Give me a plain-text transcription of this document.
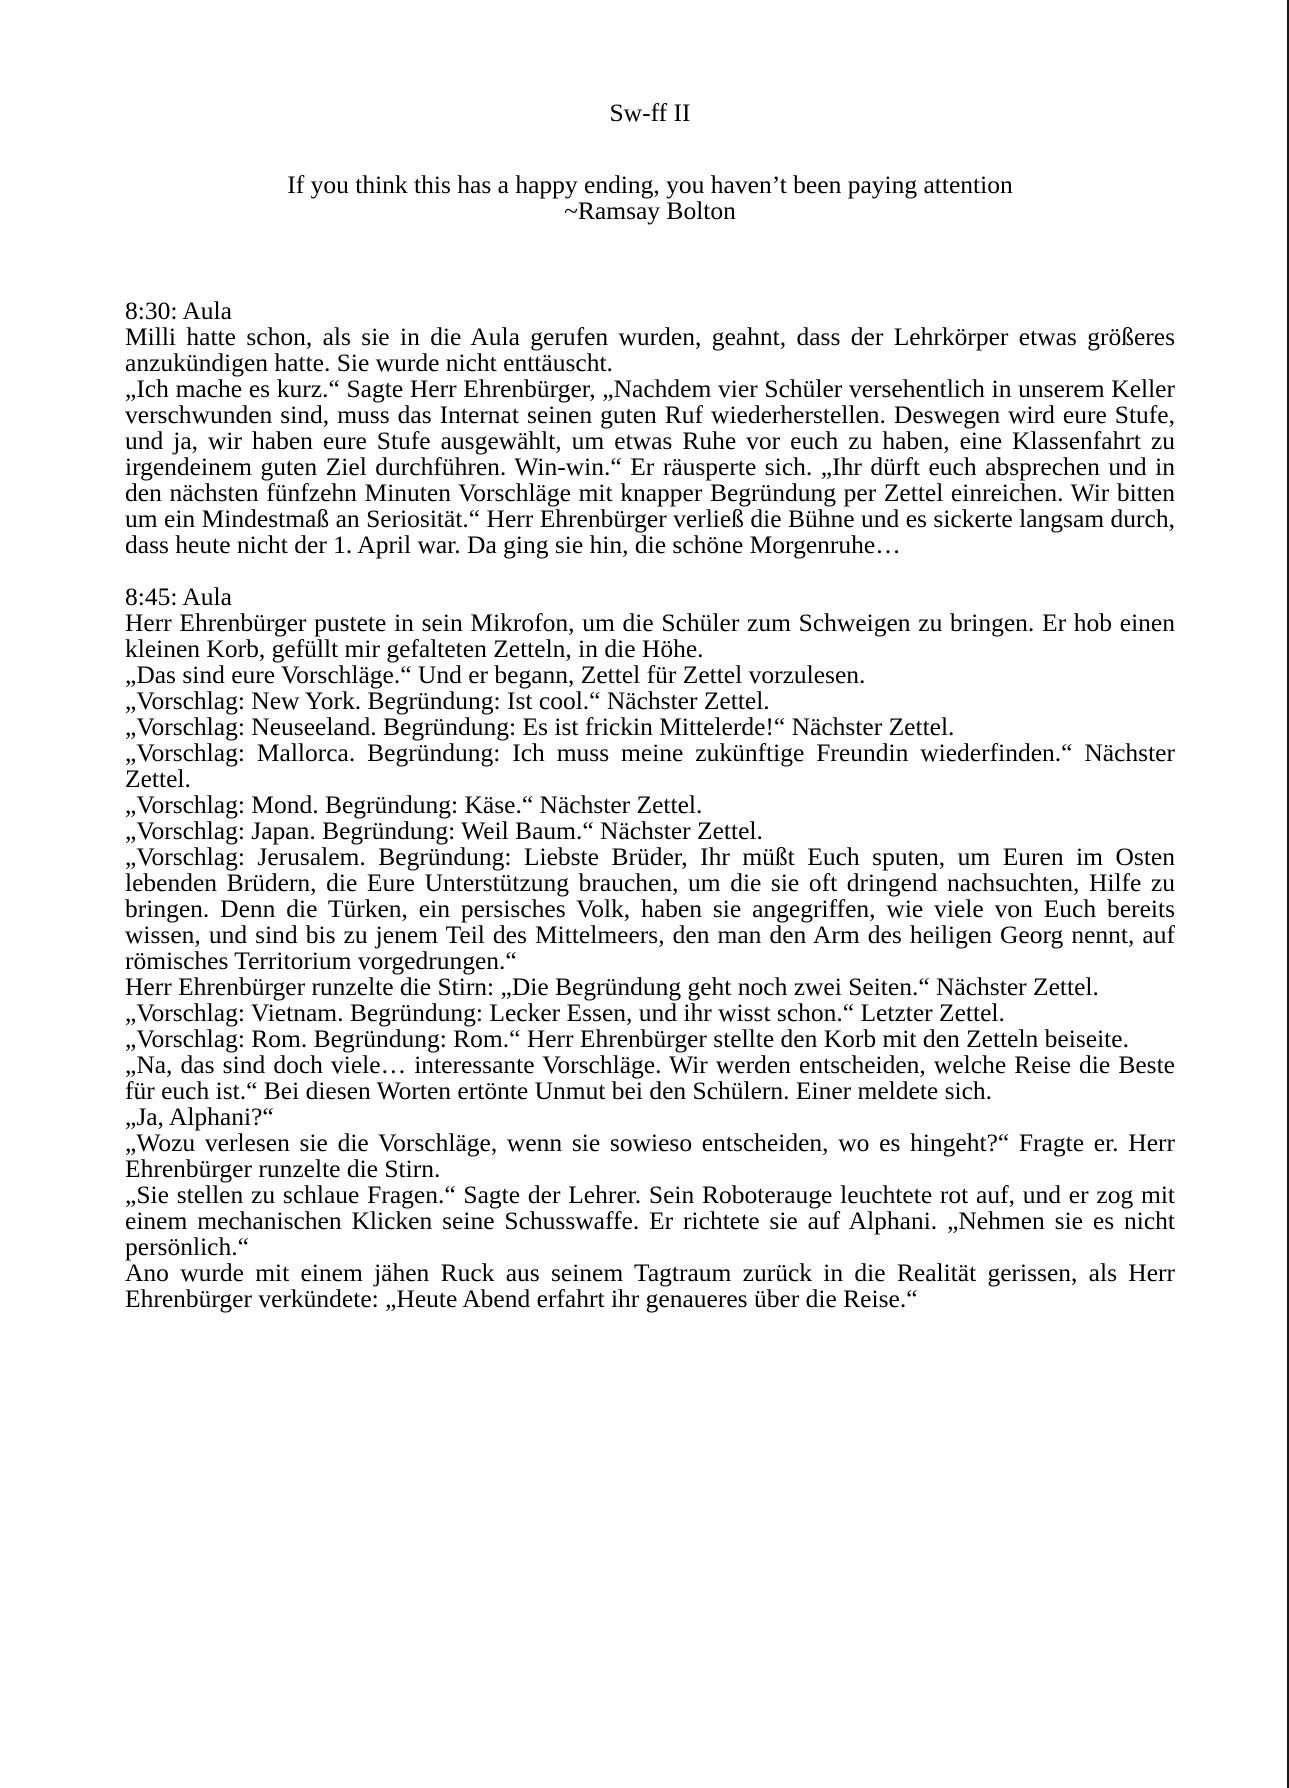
Sw-ff II

If you think this has a happy ending, you haven’t been paying attention

~Ramsay Bolton

8:30: Aula

Milli hatte schon, als sie in die Aula gerufen wurden, geahnt, dass der Lehrkörper etwas größeres anzukündigen hatte. Sie wurde nicht enttäuscht.

„Ich mache es kurz.“ Sagte Herr Ehrenbürger, „Nachdem vier Schüler versehentlich in unserem Keller verschwunden sind, muss das Internat seinen guten Ruf wiederherstellen. Deswegen wird eure Stufe, und ja, wir haben eure Stufe ausgewählt, um etwas Ruhe vor euch zu haben, eine Klassenfahrt zu irgendeinem guten Ziel durchführen. Win-win.“ Er räusperte sich. „Ihr dürft euch absprechen und in den nächsten fünfzehn Minuten Vorschläge mit knapper Begründung per Zettel einreichen. Wir bitten um ein Mindestmaß an Seriosität.“ Herr Ehrenbürger verließ die Bühne und es sickerte langsam durch, dass heute nicht der 1. April war. Da ging sie hin, die schöne Morgenruhe…

8:45: Aula

Herr Ehrenbürger pustete in sein Mikrofon, um die Schüler zum Schweigen zu bringen. Er hob einen kleinen Korb, gefüllt mir gefalteten Zetteln, in die Höhe.

„Das sind eure Vorschläge.“ Und er begann, Zettel für Zettel vorzulesen.

„Vorschlag: New York. Begründung: Ist cool.“ Nächster Zettel.

„Vorschlag: Neuseeland. Begründung: Es ist frickin Mittelerde!“ Nächster Zettel.

„Vorschlag: Mallorca. Begründung: Ich muss meine zukünftige Freundin wiederfinden.“ Nächster Zettel.

„Vorschlag: Mond. Begründung: Käse.“ Nächster Zettel.

„Vorschlag: Japan. Begründung: Weil Baum.“ Nächster Zettel.

„Vorschlag: Jerusalem. Begründung: Liebste Brüder, Ihr müßt Euch sputen, um Euren im Osten lebenden Brüdern, die Eure Unterstützung brauchen, um die sie oft dringend nachsuchten, Hilfe zu bringen. Denn die Türken, ein persisches Volk, haben sie angegriffen, wie viele von Euch bereits wissen, und sind bis zu jenem Teil des Mittelmeers, den man den Arm des heiligen Georg nennt, auf römisches Territorium vorgedrungen.“

Herr Ehrenbürger runzelte die Stirn: „Die Begründung geht noch zwei Seiten.“ Nächster Zettel.

„Vorschlag: Vietnam. Begründung: Lecker Essen, und ihr wisst schon.“ Letzter Zettel.

„Vorschlag: Rom. Begründung: Rom.“ Herr Ehrenbürger stellte den Korb mit den Zetteln beiseite.

„Na, das sind doch viele… interessante Vorschläge. Wir werden entscheiden, welche Reise die Beste für euch ist.“ Bei diesen Worten ertönte Unmut bei den Schülern. Einer meldete sich.

„Ja, Alphani?“

„Wozu verlesen sie die Vorschläge, wenn sie sowieso entscheiden, wo es hingeht?“ Fragte er. Herr Ehrenbürger runzelte die Stirn.

„Sie stellen zu schlaue Fragen.“ Sagte der Lehrer. Sein Roboterauge leuchtete rot auf, und er zog mit einem mechanischen Klicken seine Schusswaffe. Er richtete sie auf Alphani. „Nehmen sie es nicht persönlich.“

Ano wurde mit einem jähen Ruck aus seinem Tagtraum zurück in die Realität gerissen, als Herr Ehrenbürger verkündete: „Heute Abend erfahrt ihr genaueres über die Reise.“
